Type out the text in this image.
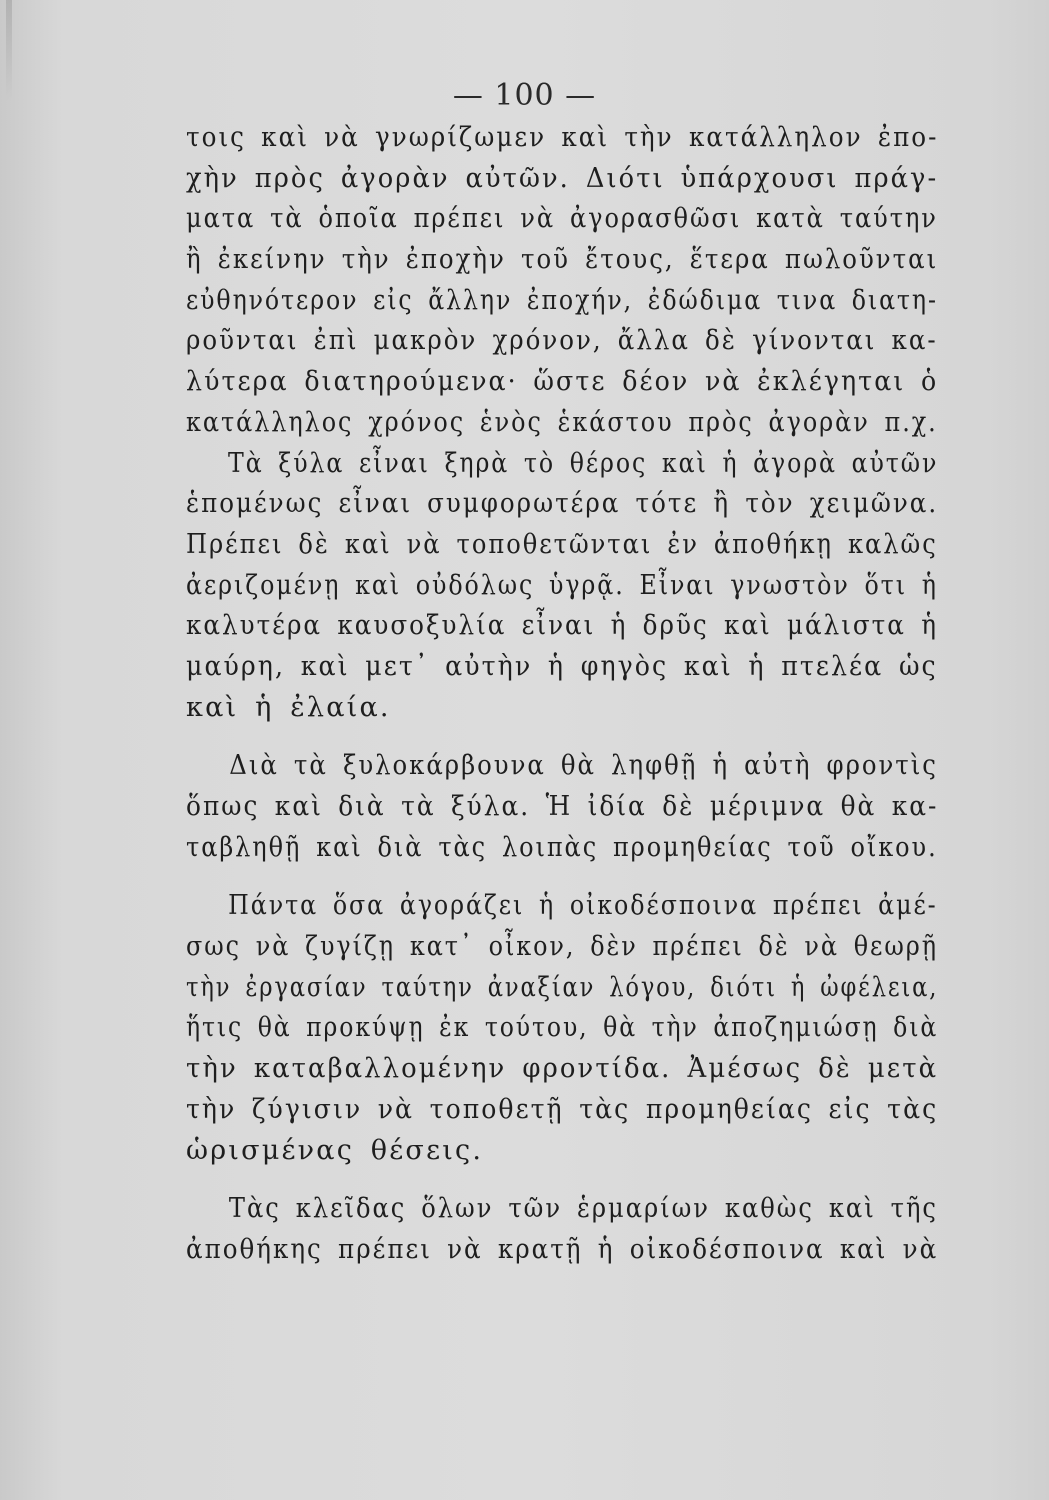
— 100 —
τοις καὶ νὰ γνωρίζωμεν καὶ τὴν κατάλληλον ἐπο-
χὴν πρὸς ἀγορὰν αὐτῶν. Διότι ὑπάρχουσι πράγ-
ματα τὰ ὁποῖα πρέπει νὰ ἀγορασθῶσι κατὰ ταύτην
ἢ ἐκείνην τὴν ἐποχὴν τοῦ ἔτους, ἕτερα πωλοῦνται
εὐθηνότερον εἰς ἄλλην ἐποχήν, ἐδώδιμα τινα διατη-
ροῦνται ἐπὶ μακρὸν χρόνον, ἄλλα δὲ γίνονται κα-
λύτερα διατηρούμενα· ὥστε δέον νὰ ἐκλέγηται ὁ
κατάλληλος χρόνος ἑνὸς ἑκάστου πρὸς ἀγορὰν π.χ.
Τὰ ξύλα εἶναι ξηρὰ τὸ θέρος καὶ ἡ ἀγορὰ αὐτῶν
ἑπομένως εἶναι συμφορωτέρα τότε ἢ τὸν χειμῶνα.
Πρέπει δὲ καὶ νὰ τοποθετῶνται ἐν ἀποθήκῃ καλῶς
ἀεριζομένῃ καὶ οὐδόλως ὑγρᾷ. Εἶναι γνωστὸν ὅτι ἡ
καλυτέρα καυσοξυλία εἶναι ἡ δρῦς καὶ μάλιστα ἡ
μαύρη, καὶ μετ᾽ αὐτὴν ἡ φηγὸς καὶ ἡ πτελέα ὡς
καὶ ἡ ἐλαία.
Διὰ τὰ ξυλοκάρβουνα θὰ ληφθῇ ἡ αὐτὴ φροντὶς
ὅπως καὶ διὰ τὰ ξύλα. Ἡ ἰδία δὲ μέριμνα θὰ κα-
ταβληθῇ καὶ διὰ τὰς λοιπὰς προμηθείας τοῦ οἴκου.
Πάντα ὅσα ἀγοράζει ἡ οἰκοδέσποινα πρέπει ἀμέ-
σως νὰ ζυγίζῃ κατ᾽ οἶκον, δὲν πρέπει δὲ νὰ θεωρῇ
τὴν ἐργασίαν ταύτην ἀναξίαν λόγου, διότι ἡ ὠφέλεια,
ἥτις θὰ προκύψῃ ἐκ τούτου, θὰ τὴν ἀποζημιώσῃ διὰ
τὴν καταβαλλομένην φροντίδα. Ἀμέσως δὲ μετὰ
τὴν ζύγισιν νὰ τοποθετῇ τὰς προμηθείας εἰς τὰς
ὡρισμένας θέσεις.
Τὰς κλεῖδας ὅλων τῶν ἑρμαρίων καθὼς καὶ τῆς
ἀποθήκης πρέπει νὰ κρατῇ ἡ οἰκοδέσποινα καὶ νὰ
